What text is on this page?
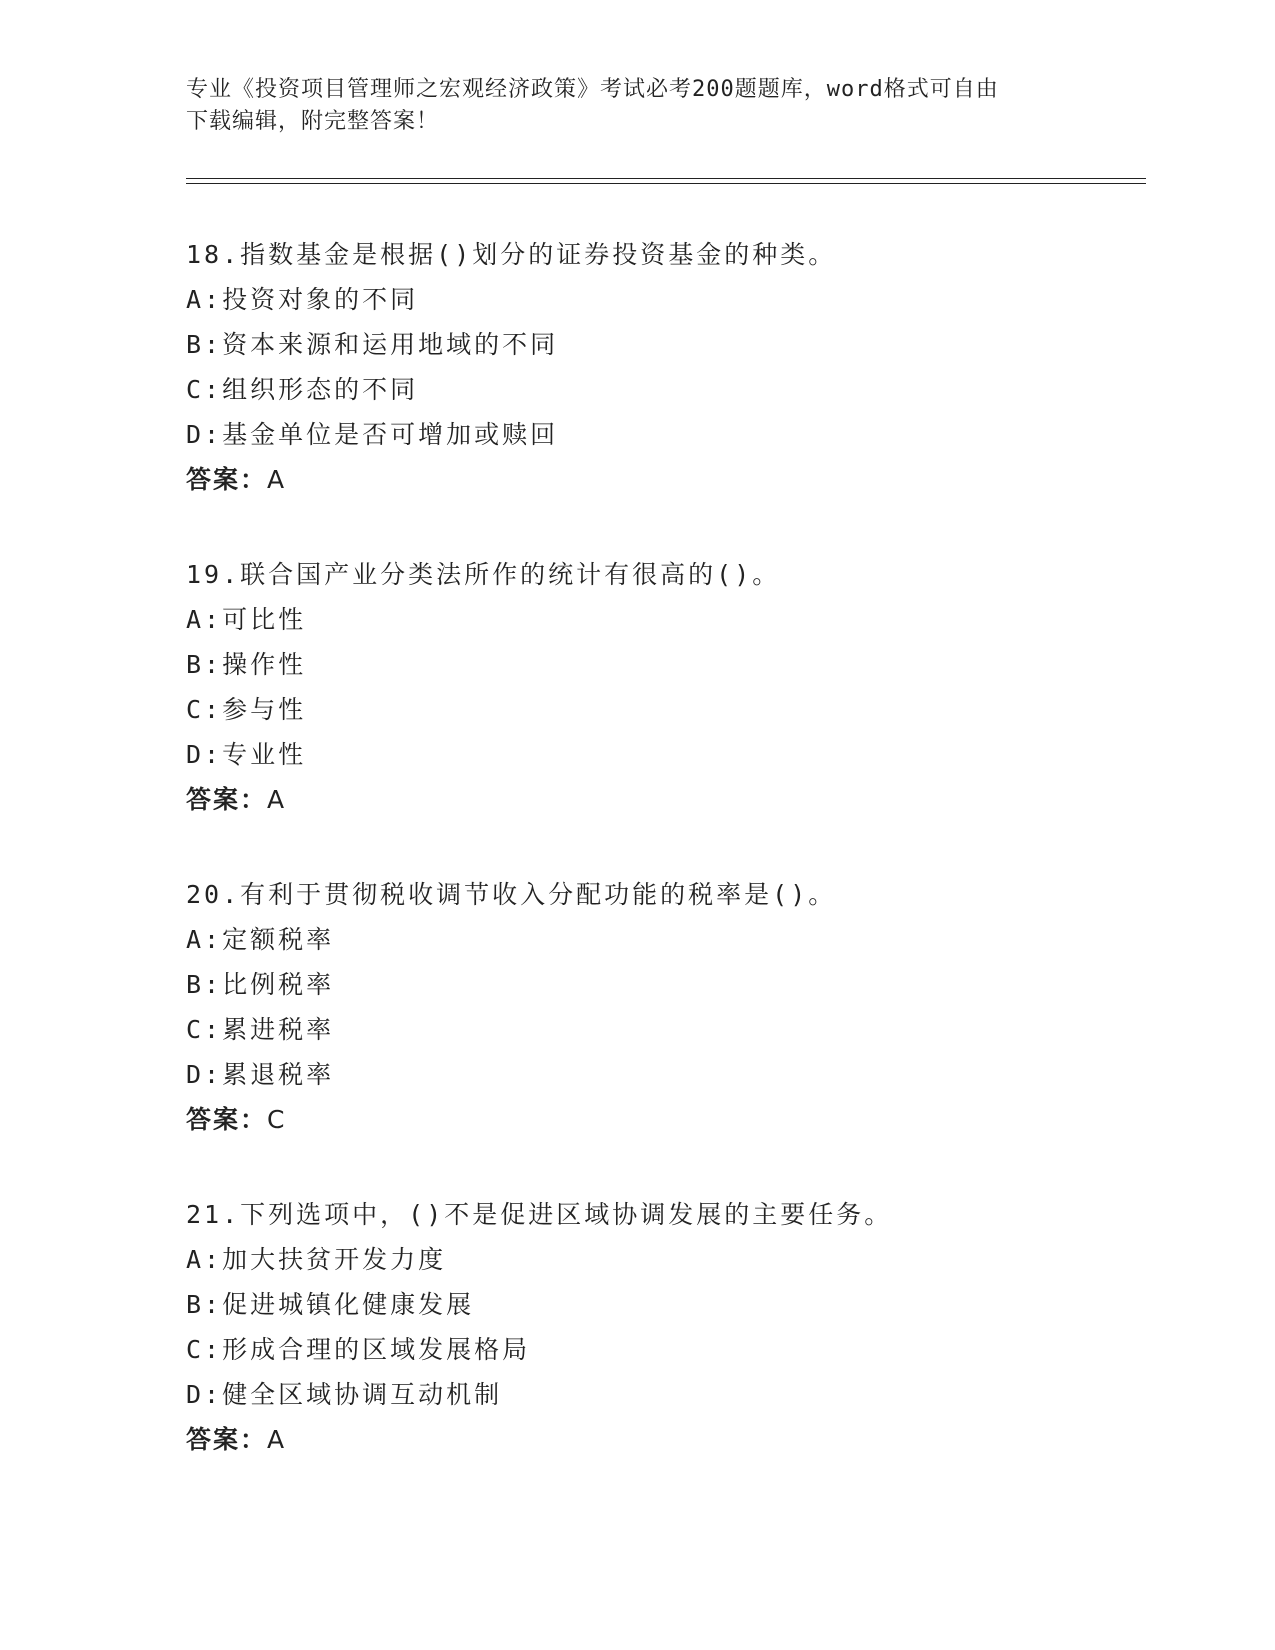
专业《投资项目管理师之宏观经济政策》考试必考200题题库，word格式可自由
下载编辑，附完整答案！
18.指数基金是根据()划分的证券投资基金的种类。
A:投资对象的不同
B:资本来源和运用地域的不同
C:组织形态的不同
D:基金单位是否可增加或赎回
答案：A
19.联合国产业分类法所作的统计有很高的()。
A:可比性
B:操作性
C:参与性
D:专业性
答案：A
20.有利于贯彻税收调节收入分配功能的税率是()。
A:定额税率
B:比例税率
C:累进税率
D:累退税率
答案：C
21.下列选项中，()不是促进区域协调发展的主要任务。
A:加大扶贫开发力度
B:促进城镇化健康发展
C:形成合理的区域发展格局
D:健全区域协调互动机制
答案：A
